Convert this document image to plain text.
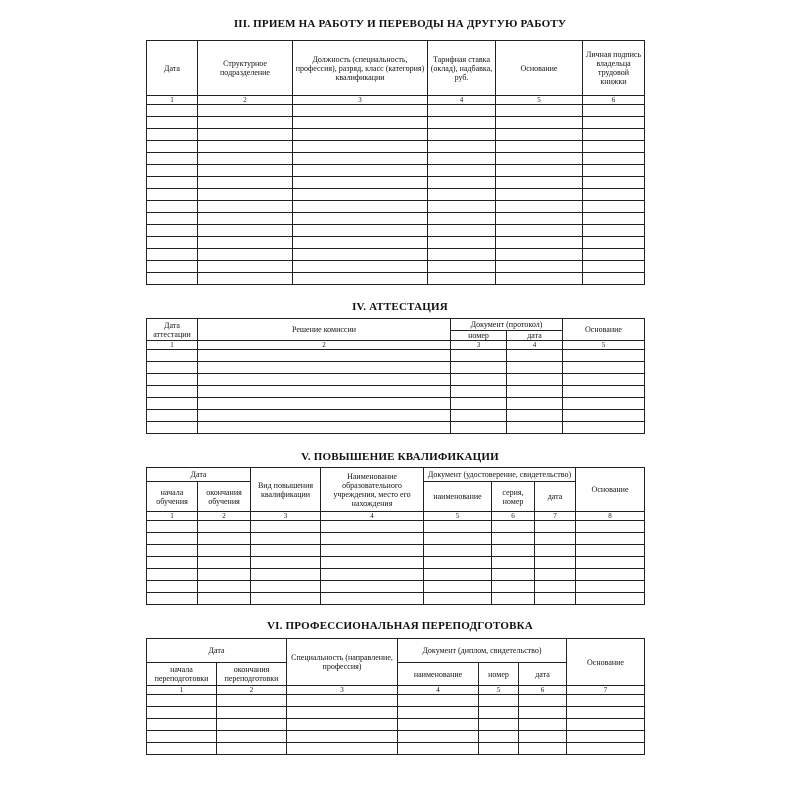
III. ПРИЕМ НА РАБОТУ И ПЕРЕВОДЫ НА ДРУГУЮ РАБОТУ
Дата	Структурное подразделение	Должность (специальность, профессия), разряд, класс (категория) квалификации	Тарифная ставка (оклад), надбавка, руб.	Основание	Личная подпись владельца трудовой книжки
1	2	3	4	5	6

IV. АТТЕСТАЦИЯ
Дата аттестации	Решение комиссии	Документ (протокол)		Основание
		номер	дата	
1	2	3	4	5

V. ПОВЫШЕНИЕ КВАЛИФИКАЦИИ
Дата		Вид повышения квалификации	Наименование образовательного учреждения, место его нахождения	Документ (удостоверение, свидетельство)			Основание
начала обучения	окончания обучения			наименование	серия, номер	дата	
1	2	3	4	5	6	7	8

VI. ПРОФЕССИОНАЛЬНАЯ ПЕРЕПОДГОТОВКА
Дата		Специальность (направление, профессия)	Документ (диплом, свидетельство)			Основание
начала переподготовки	окончания переподготовки		наименование	номер	дата	
1	2	3	4	5	6	7
